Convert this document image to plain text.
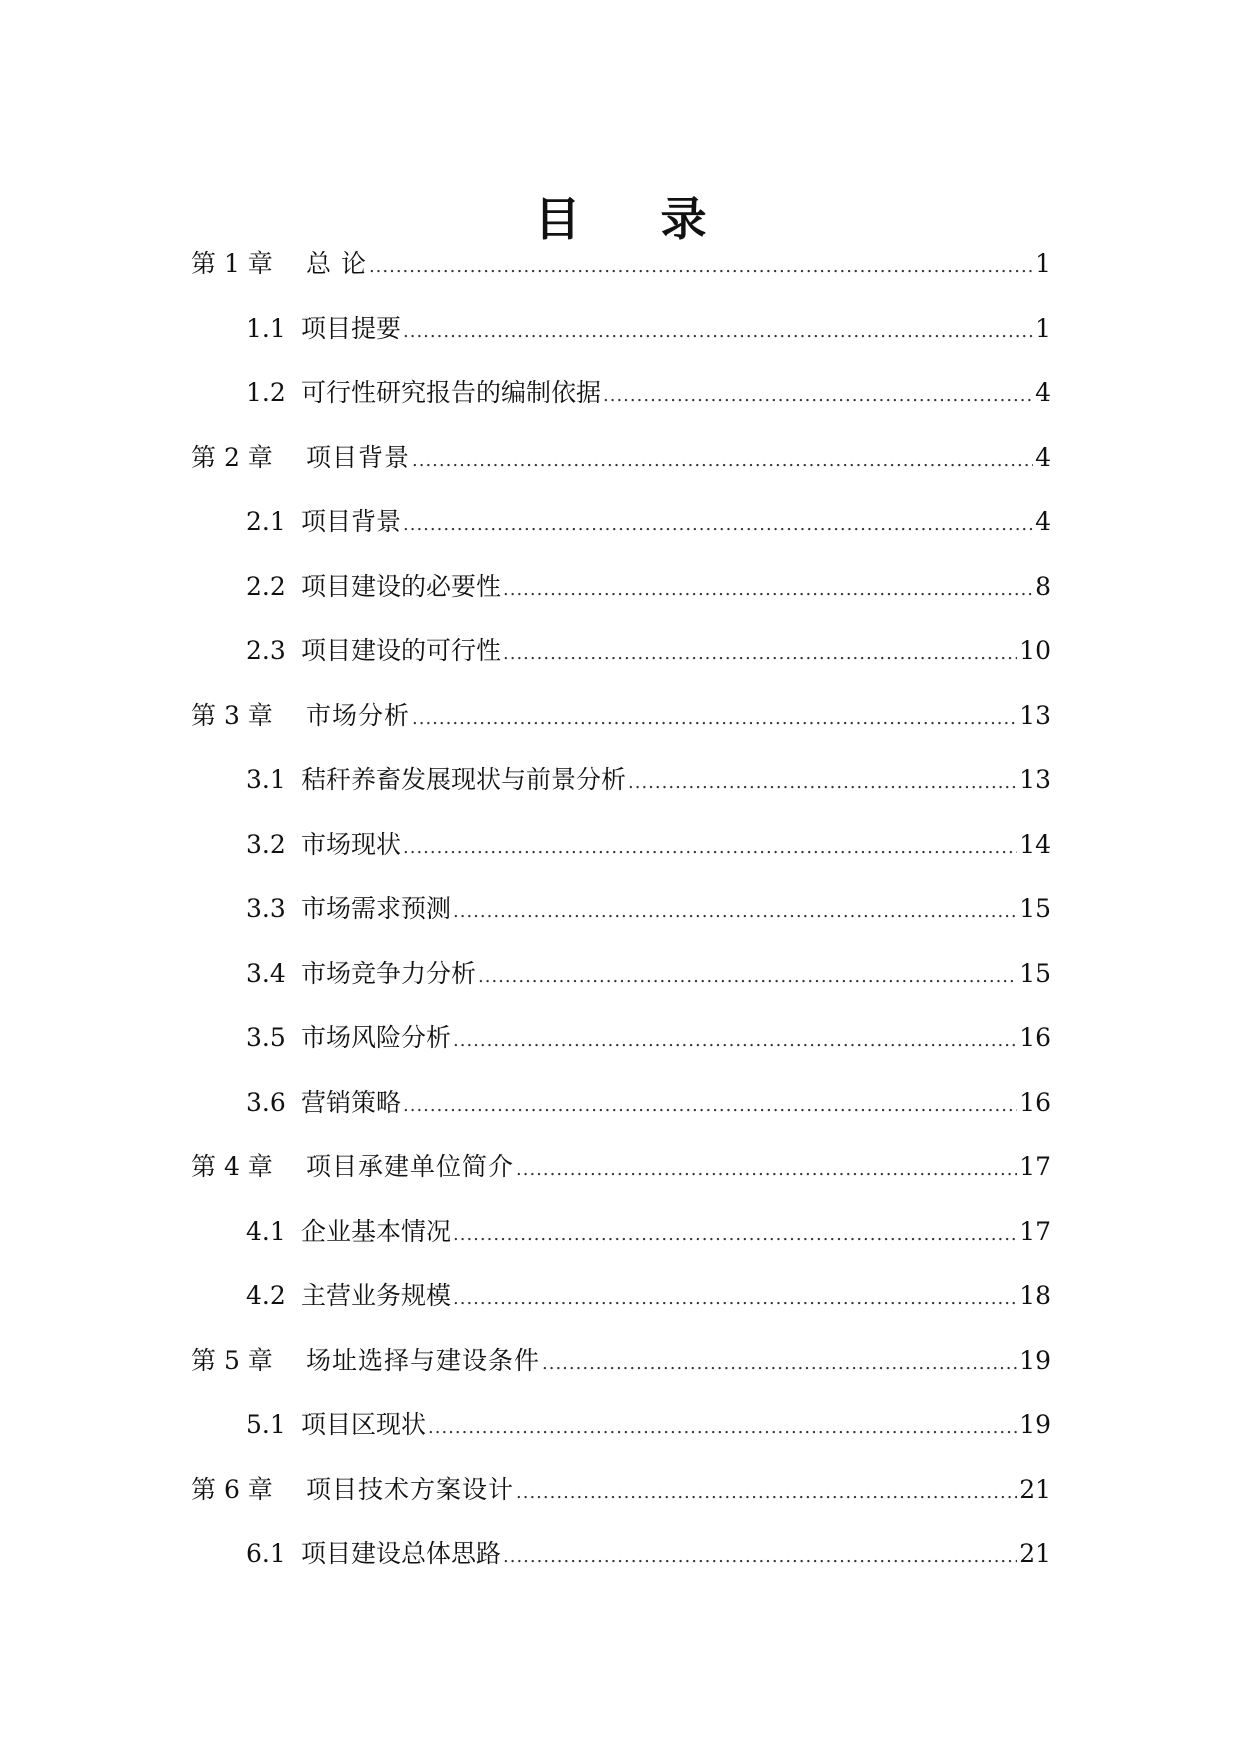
目 录
第 1 章	总 论 .....	1
1.1 项目提要 .....	1
1.2 可行性研究报告的编制依据 .....	4
第 2 章	项目背景 .....	4
2.1 项目背景 .....	4
2.2 项目建设的必要性 .....	8
2.3 项目建设的可行性 .....	10
第 3 章	市场分析 .....	13
3.1 秸秆养畜发展现状与前景分析 .....	13
3.2 市场现状 .....	14
3.3 市场需求预测 .....	15
3.4 市场竞争力分析 .....	15
3.5 市场风险分析 .....	16
3.6 营销策略 .....	16
第 4 章	项目承建单位简介 .....	17
4.1 企业基本情况 .....	17
4.2 主营业务规模 .....	18
第 5 章	场址选择与建设条件 .....	19
5.1 项目区现状 .....	19
第 6 章	项目技术方案设计 .....	21
6.1 项目建设总体思路 .....	21
